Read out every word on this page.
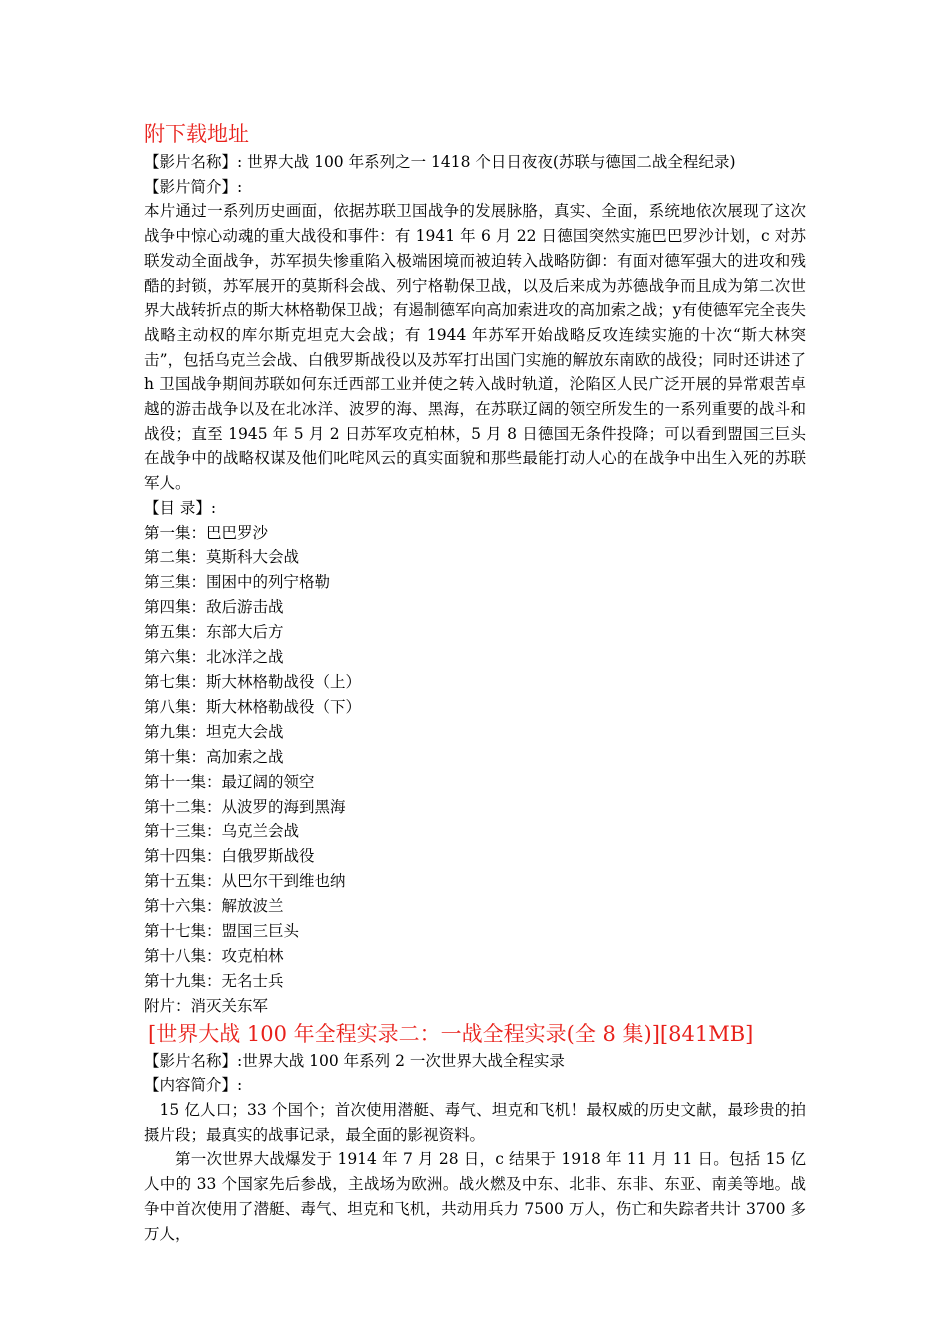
附下载地址

【影片名称】: 世界大战 100 年系列之一 1418 个日日夜夜(苏联与德国二战全程纪录)

【影片简介】:

本片通过一系列历史画面，依据苏联卫国战争的发展脉胳，真实、全面，系统地依次展现了这次战争中惊心动魂的重大战役和事件：有 1941 年 6 月 22 日德国突然实施巴巴罗沙计划，c 对苏联发动全面战争，苏军损失惨重陷入极端困境而被迫转入战略防御：有面对德军强大的进攻和残酷的封锁，苏军展开的莫斯科会战、列宁格勒保卫战，以及后来成为苏德战争而且成为第二次世界大战转折点的斯大林格勒保卫战；有遏制德军向高加索进攻的高加索之战；y有使德军完全丧失战略主动权的库尔斯克坦克大会战；有 1944 年苏军开始战略反攻连续实施的十次“斯大林突击”，包括乌克兰会战、白俄罗斯战役以及苏军打出国门实施的解放东南欧的战役；同时还讲述了 h 卫国战争期间苏联如何东迁西部工业并使之转入战时轨道，沦陷区人民广泛开展的异常艰苦卓越的游击战争以及在北冰洋、波罗的海、黑海，在苏联辽阔的领空所发生的一系列重要的战斗和战役；直至 1945 年 5 月 2 日苏军攻克柏林，5 月 8 日德国无条件投降；可以看到盟国三巨头在战争中的战略权谋及他们叱咤风云的真实面貌和那些最能打动人心的在战争中出生入死的苏联军人。

【目 录】:

第一集：巴巴罗沙
第二集：莫斯科大会战
第三集：围困中的列宁格勒
第四集：敌后游击战
第五集：东部大后方
第六集：北冰洋之战
第七集：斯大林格勒战役（上）
第八集：斯大林格勒战役（下）
第九集：坦克大会战
第十集：高加索之战
第十一集：最辽阔的领空
第十二集：从波罗的海到黑海
第十三集：乌克兰会战
第十四集：白俄罗斯战役
第十五集：从巴尔干到维也纳
第十六集：解放波兰
第十七集：盟国三巨头
第十八集：攻克柏林
第十九集：无名士兵
附片：消灭关东军
[世界大战 100 年全程实录二：一战全程实录(全 8 集)][841MB]

【影片名称】:世界大战 100 年系列 2 一次世界大战全程实录

【内容简介】:

15 亿人口；33 个国个；首次使用潜艇、毒气、坦克和飞机！最权威的历史文献，最珍贵的拍摄片段；最真实的战事记录，最全面的影视资料。

第一次世界大战爆发于 1914 年 7 月 28 日，c 结果于 1918 年 11 月 11 日。包括 15 亿人中的 33 个国家先后参战，主战场为欧洲。战火燃及中东、北非、东非、东亚、南美等地。战争中首次使用了潜艇、毒气、坦克和飞机，共动用兵力 7500 万人，伤亡和失踪者共计 3700 多万人，
